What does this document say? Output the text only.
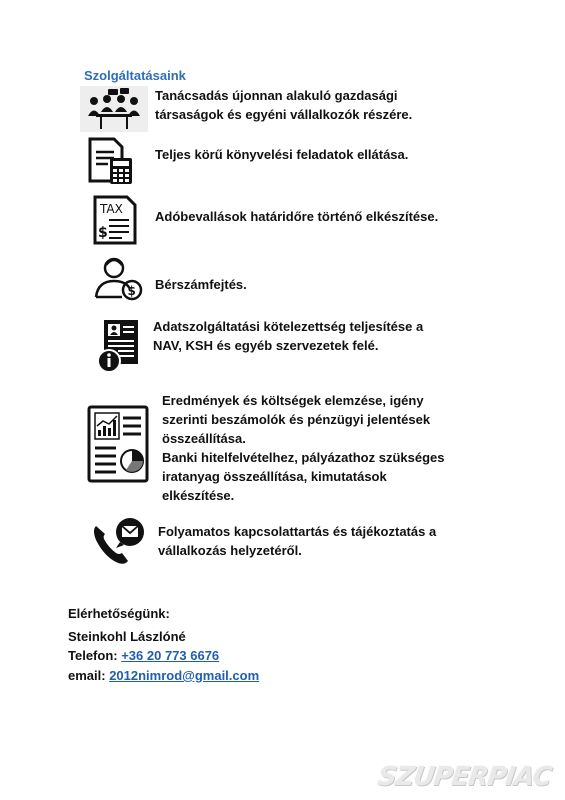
Szolgáltatásaink
Tanácsadás újonnan alakuló gazdasági
társaságok és egyéni vállalkozók részére.
Teljes körű könyvelési feladatok ellátása.
TAX
$
Adóbevallások határidőre történő elkészítése.
$ Bérszámfejtés.
Adatszolgáltatási kötelezettség teljesítése a
NAV, KSH és egyéb szervezetek felé.
Eredmények és költségek elemzése, igény
szerinti beszámolók és pénzügyi jelentések
összeállítása.
Banki hitelfelvételhez, pályázathoz szükséges
iratanyag összeállítása, kimutatások
elkészítése.
Folyamatos kapcsolattartás és tájékoztatás a
vállalkozás helyzetéről.
Elérhetőségünk:
Steinkohl Lászlóné
Telefon: +36 20 773 6676
email: 2012nimrod@gmail.com
SZUPERPIAC
